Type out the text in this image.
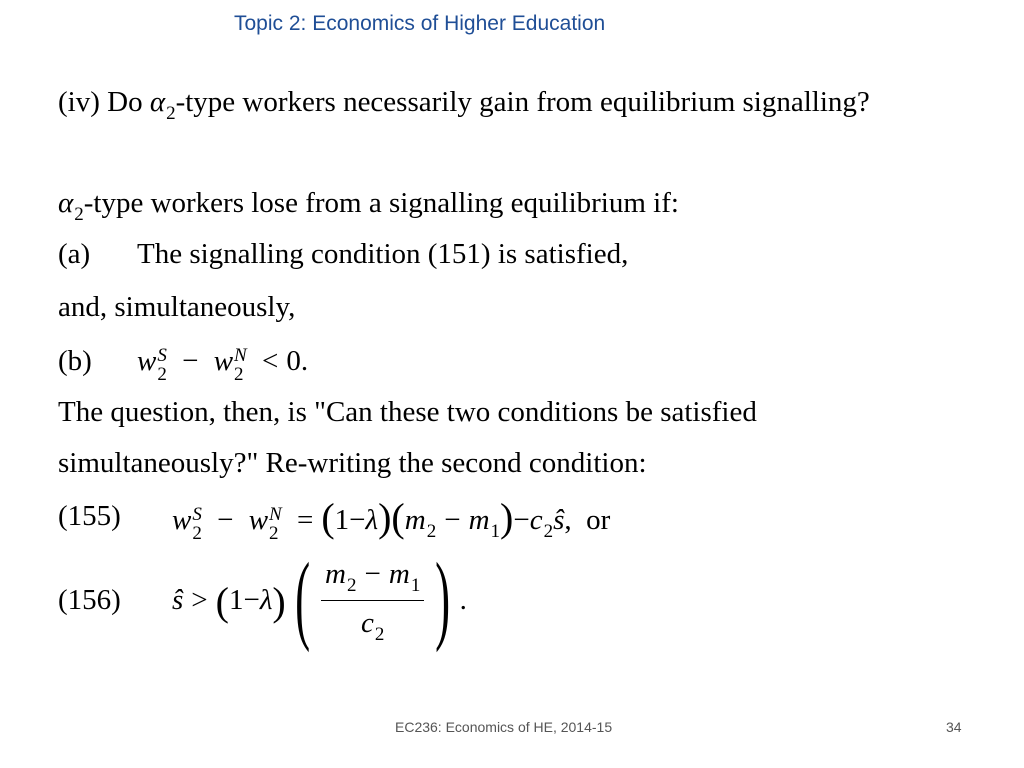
Topic 2: Economics of Higher Education
(iv) Do $\alpha_2$-type workers necessarily gain from equilibrium signalling?
$\alpha_2$-type workers lose from a signalling equilibrium if:
(a) The signalling condition (151) is satisfied,
and, simultaneously,
(b) w S
2 − w N
2 < 0.
The question, then, is "Can these two conditions be satisfied
simultaneously?" Re-writing the second condition:
(155) w S
2 − w N
$2 = (1-\lambda)(m_2$ − $m_1)-c_2ŝ$, or
(156) ŝ > ( 1 − λ ) ( $\frac{m_2 - m_1}{c_2}$ ) .
EC236: Economics of HE, 2014-15	34
